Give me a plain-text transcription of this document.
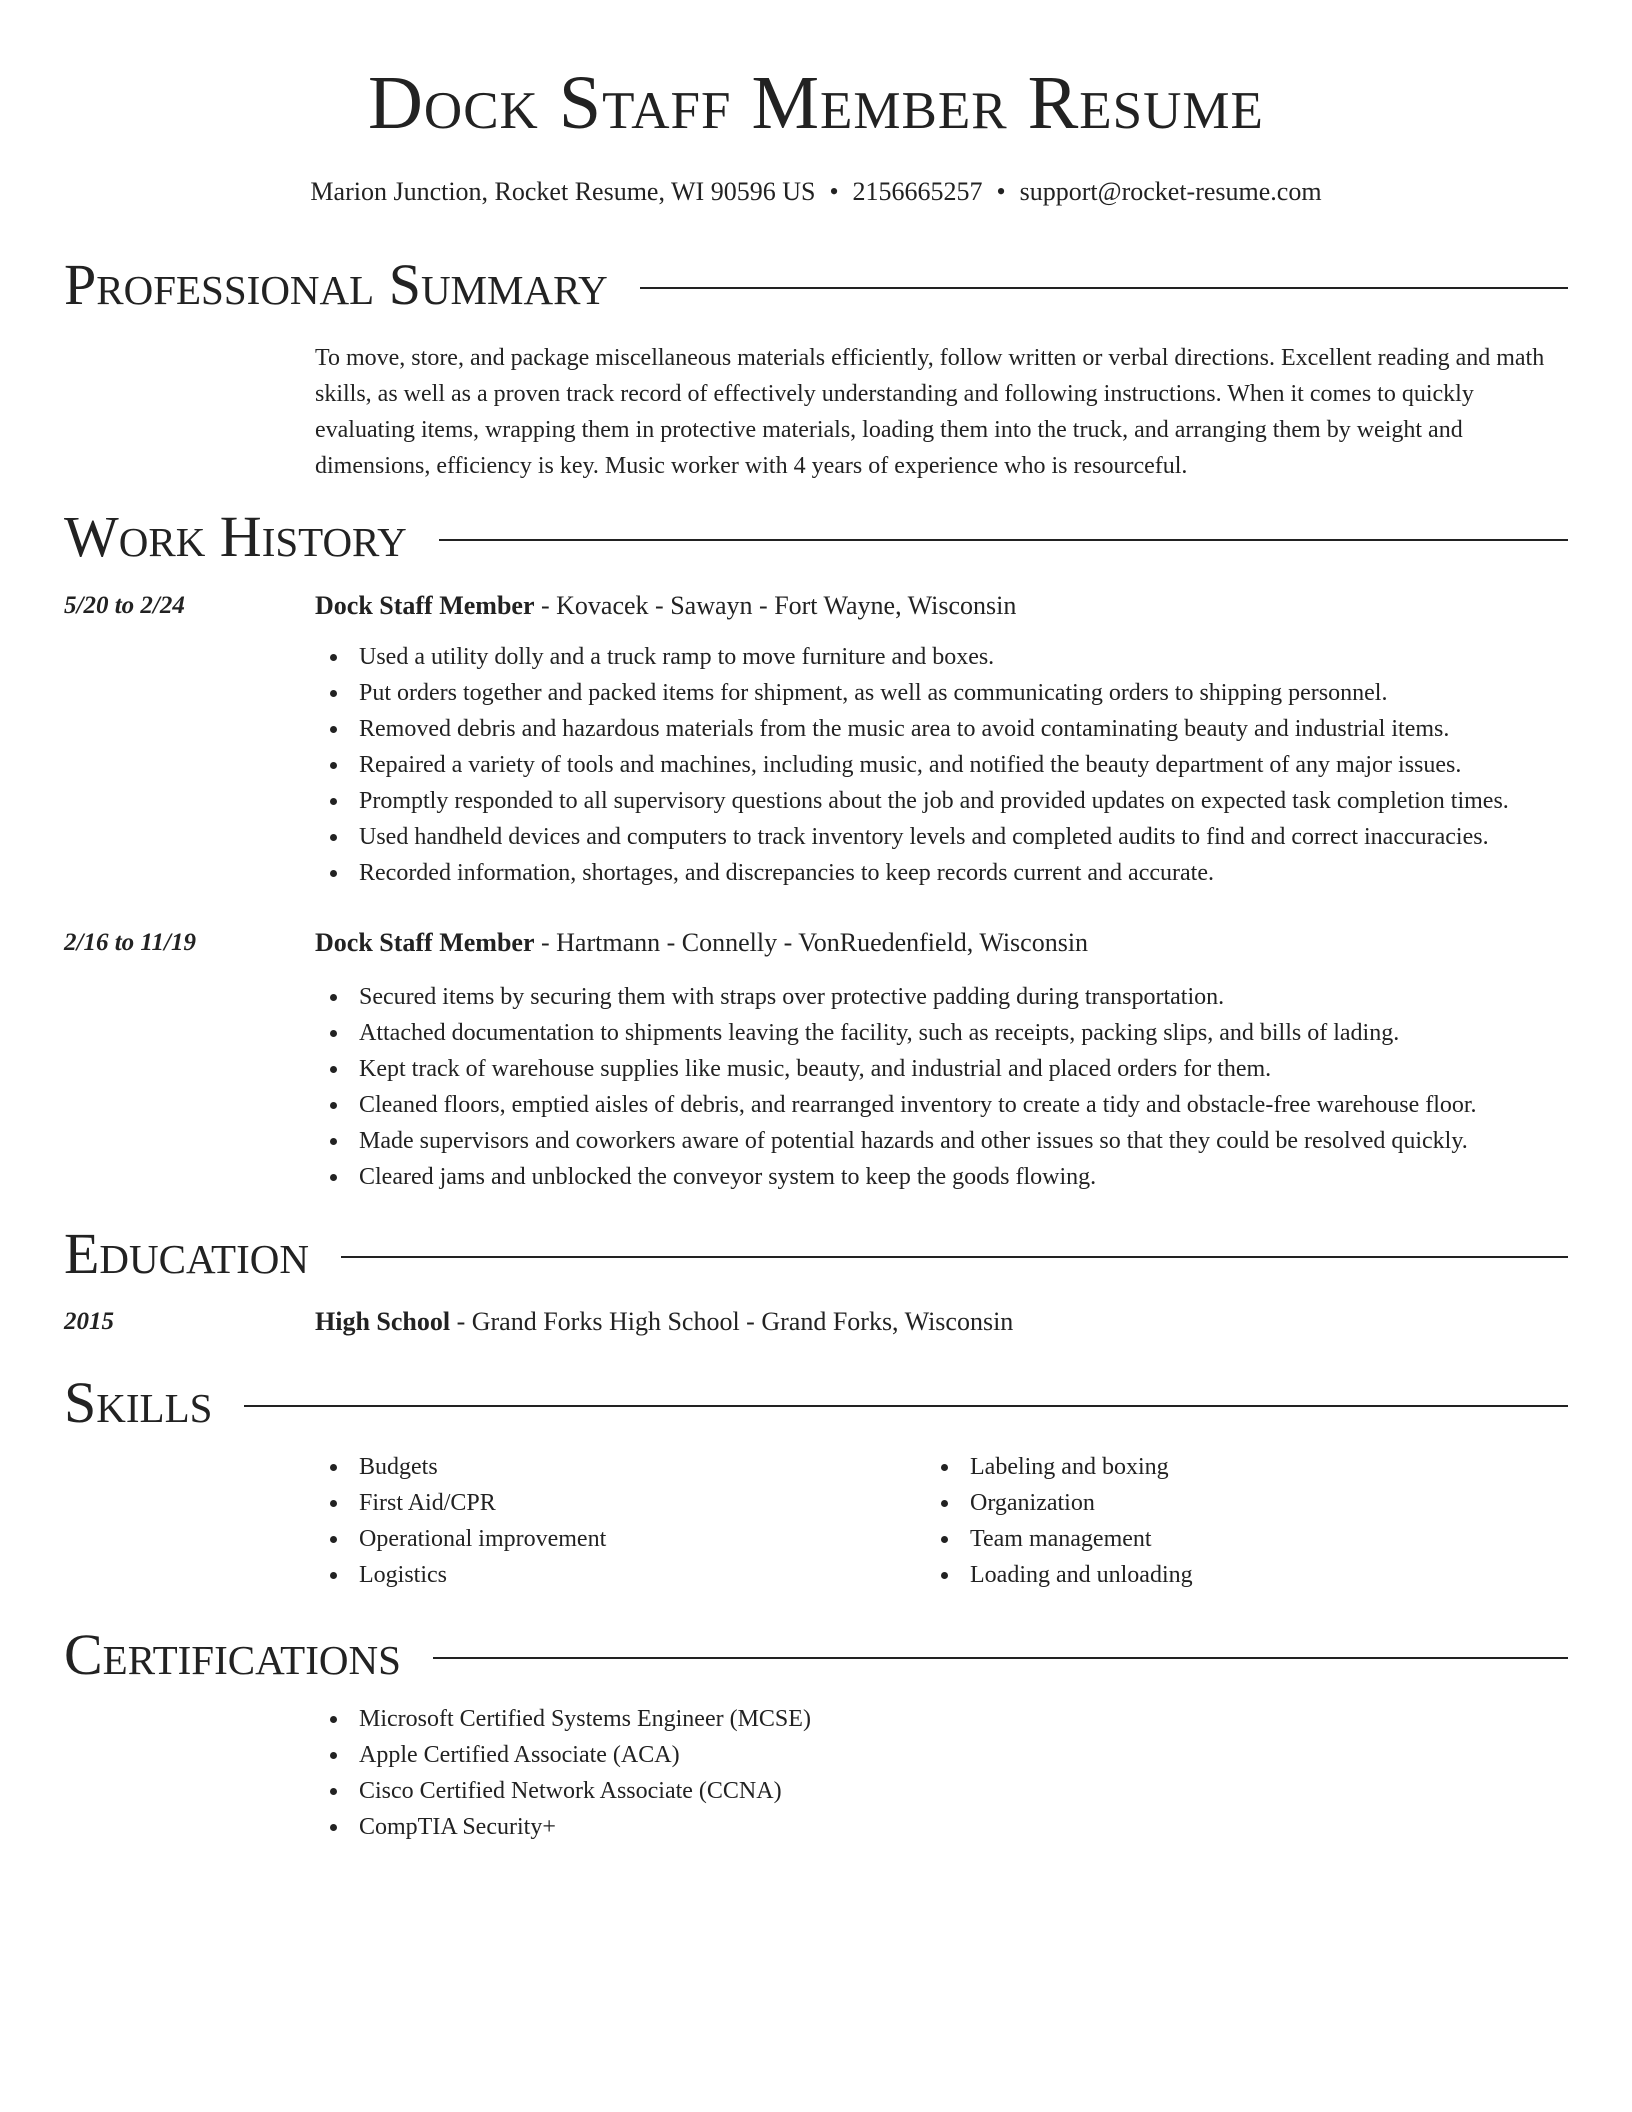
Dock Staff Member Resume
Marion Junction, Rocket Resume, WI 90596 US • 2156665257 • support@rocket-resume.com
Professional Summary

To move, store, and package miscellaneous materials efficiently, follow written or verbal directions. Excellent reading and math skills, as well as a proven track record of effectively understanding and following instructions. When it comes to quickly evaluating items, wrapping them in protective materials, loading them into the truck, and arranging them by weight and dimensions, efficiency is key. Music worker with 4 years of experience who is resourceful.

Work History
5/20 to 2/24	Dock Staff Member - Kovacek - Sawayn - Fort Wayne, Wisconsin
Used a utility dolly and a truck ramp to move furniture and boxes.
Put orders together and packed items for shipment, as well as communicating orders to shipping personnel.
Removed debris and hazardous materials from the music area to avoid contaminating beauty and industrial items.
Repaired a variety of tools and machines, including music, and notified the beauty department of any major issues.
Promptly responded to all supervisory questions about the job and provided updates on expected task completion times.
Used handheld devices and computers to track inventory levels and completed audits to find and correct inaccuracies.
Recorded information, shortages, and discrepancies to keep records current and accurate.
2/16 to 11/19	Dock Staff Member - Hartmann - Connelly - VonRuedenfield, Wisconsin
Secured items by securing them with straps over protective padding during transportation.
Attached documentation to shipments leaving the facility, such as receipts, packing slips, and bills of lading.
Kept track of warehouse supplies like music, beauty, and industrial and placed orders for them.
Cleaned floors, emptied aisles of debris, and rearranged inventory to create a tidy and obstacle-free warehouse floor.
Made supervisors and coworkers aware of potential hazards and other issues so that they could be resolved quickly.
Cleared jams and unblocked the conveyor system to keep the goods flowing.
Education
2015	High School - Grand Forks High School - Grand Forks, Wisconsin
Skills
Budgets
First Aid/CPR
Operational improvement
Logistics
Labeling and boxing
Organization
Team management
Loading and unloading
Certifications
Microsoft Certified Systems Engineer (MCSE)
Apple Certified Associate (ACA)
Cisco Certified Network Associate (CCNA)
CompTIA Security+
